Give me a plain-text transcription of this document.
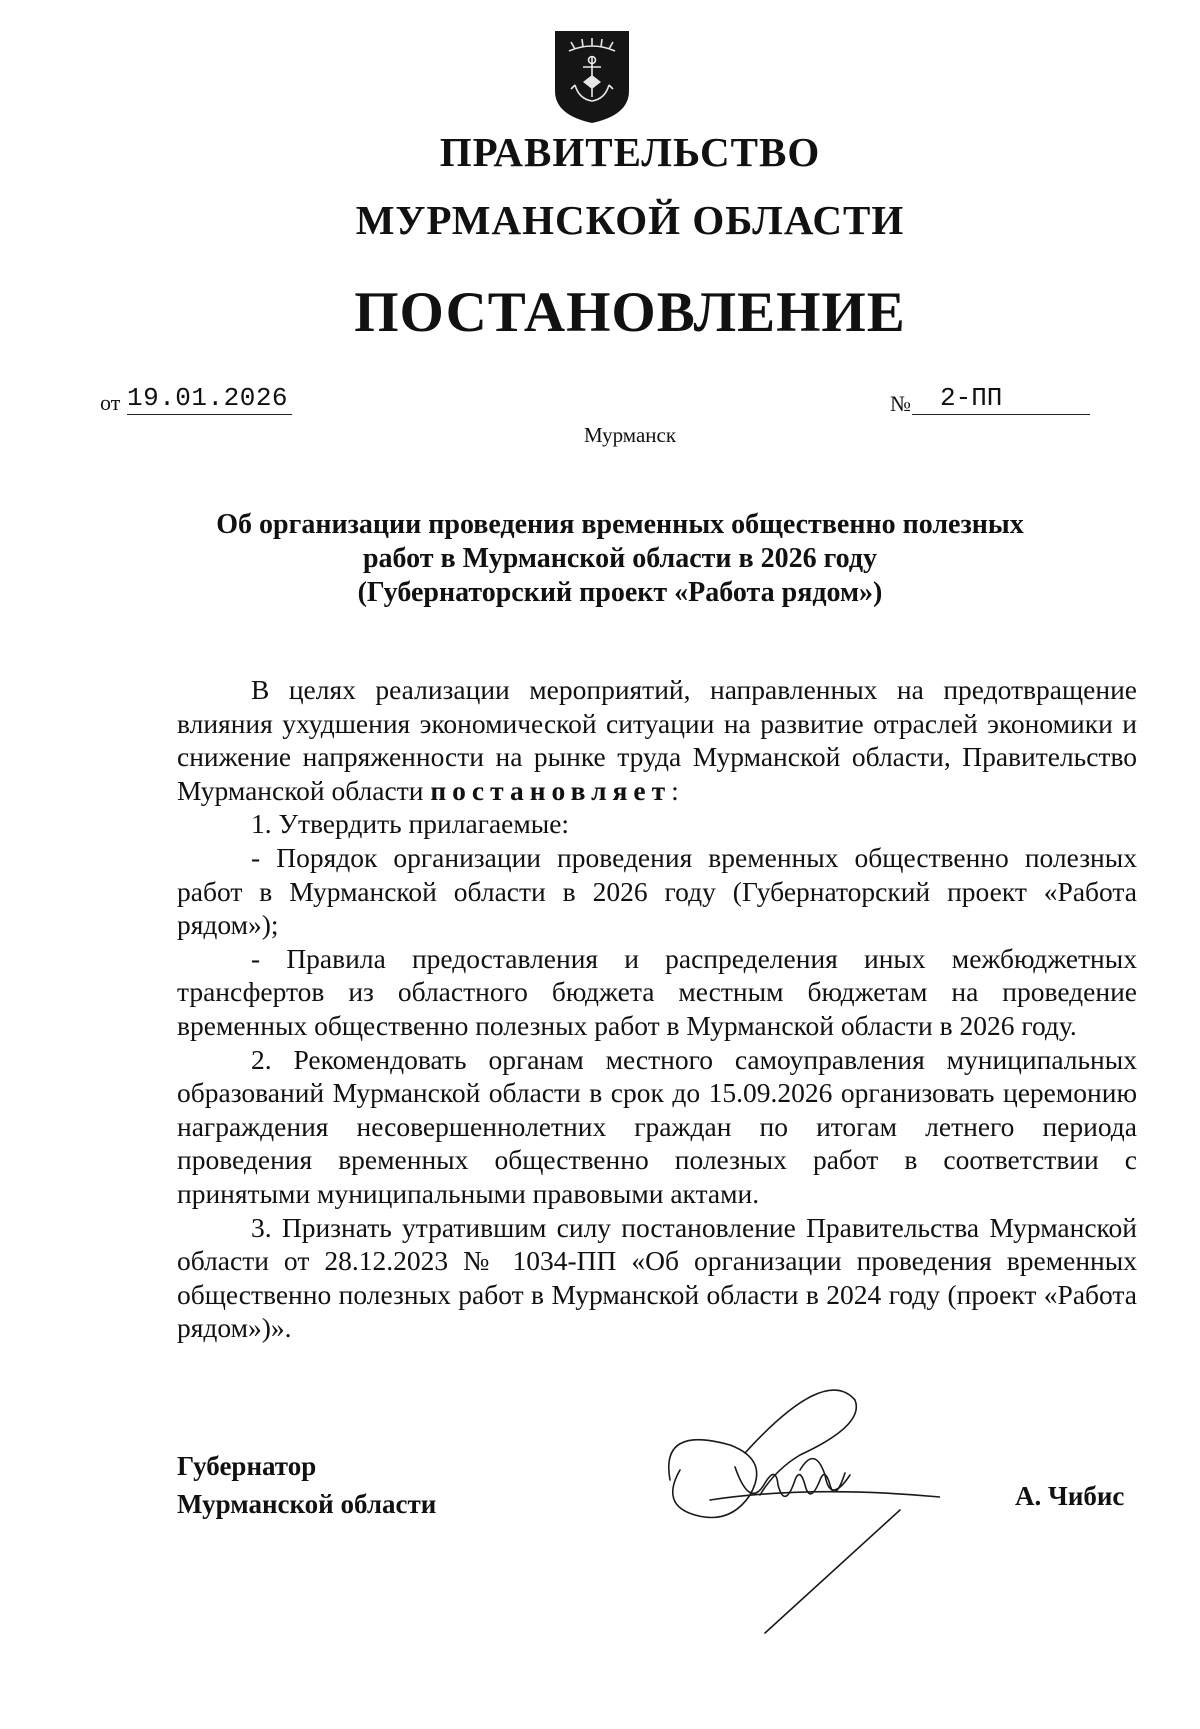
ПРАВИТЕЛЬСТВО
МУРМАНСКОЙ ОБЛАСТИ
ПОСТАНОВЛЕНИЕ
от 19.01.2026	№	2-ПП
Мурманск
Об организации проведения временных общественно полезных
работ в Мурманской области в 2026 году
(Губернаторский проект «Работа рядом»)

В целях реализации мероприятий, направленных на предотвращение влияния ухудшения экономической ситуации на развитие отраслей экономики и снижение напряженности на рынке труда Мурманской области, Правительство Мурманской области постановляет:

1. Утвердить прилагаемые:

- Порядок организации проведения временных общественно полезных работ в Мурманской области в 2026 году (Губернаторский проект «Работа рядом»);

- Правила предоставления и распределения иных межбюджетных трансфертов из областного бюджета местным бюджетам на проведение временных общественно полезных работ в Мурманской области в 2026 году.

2. Рекомендовать органам местного самоуправления муниципальных образований Мурманской области в срок до 15.09.2026 организовать церемонию награждения несовершеннолетних граждан по итогам летнего периода проведения временных общественно полезных работ в соответствии с принятыми муниципальными правовыми актами.

3. Признать утратившим силу постановление Правительства Мурманской области от 28.12.2023 № 1034-ПП «Об организации проведения временных общественно полезных работ в Мурманской области в 2024 году (проект «Работа рядом»)».

Губернатор
Мурманской области	А. Чибис
